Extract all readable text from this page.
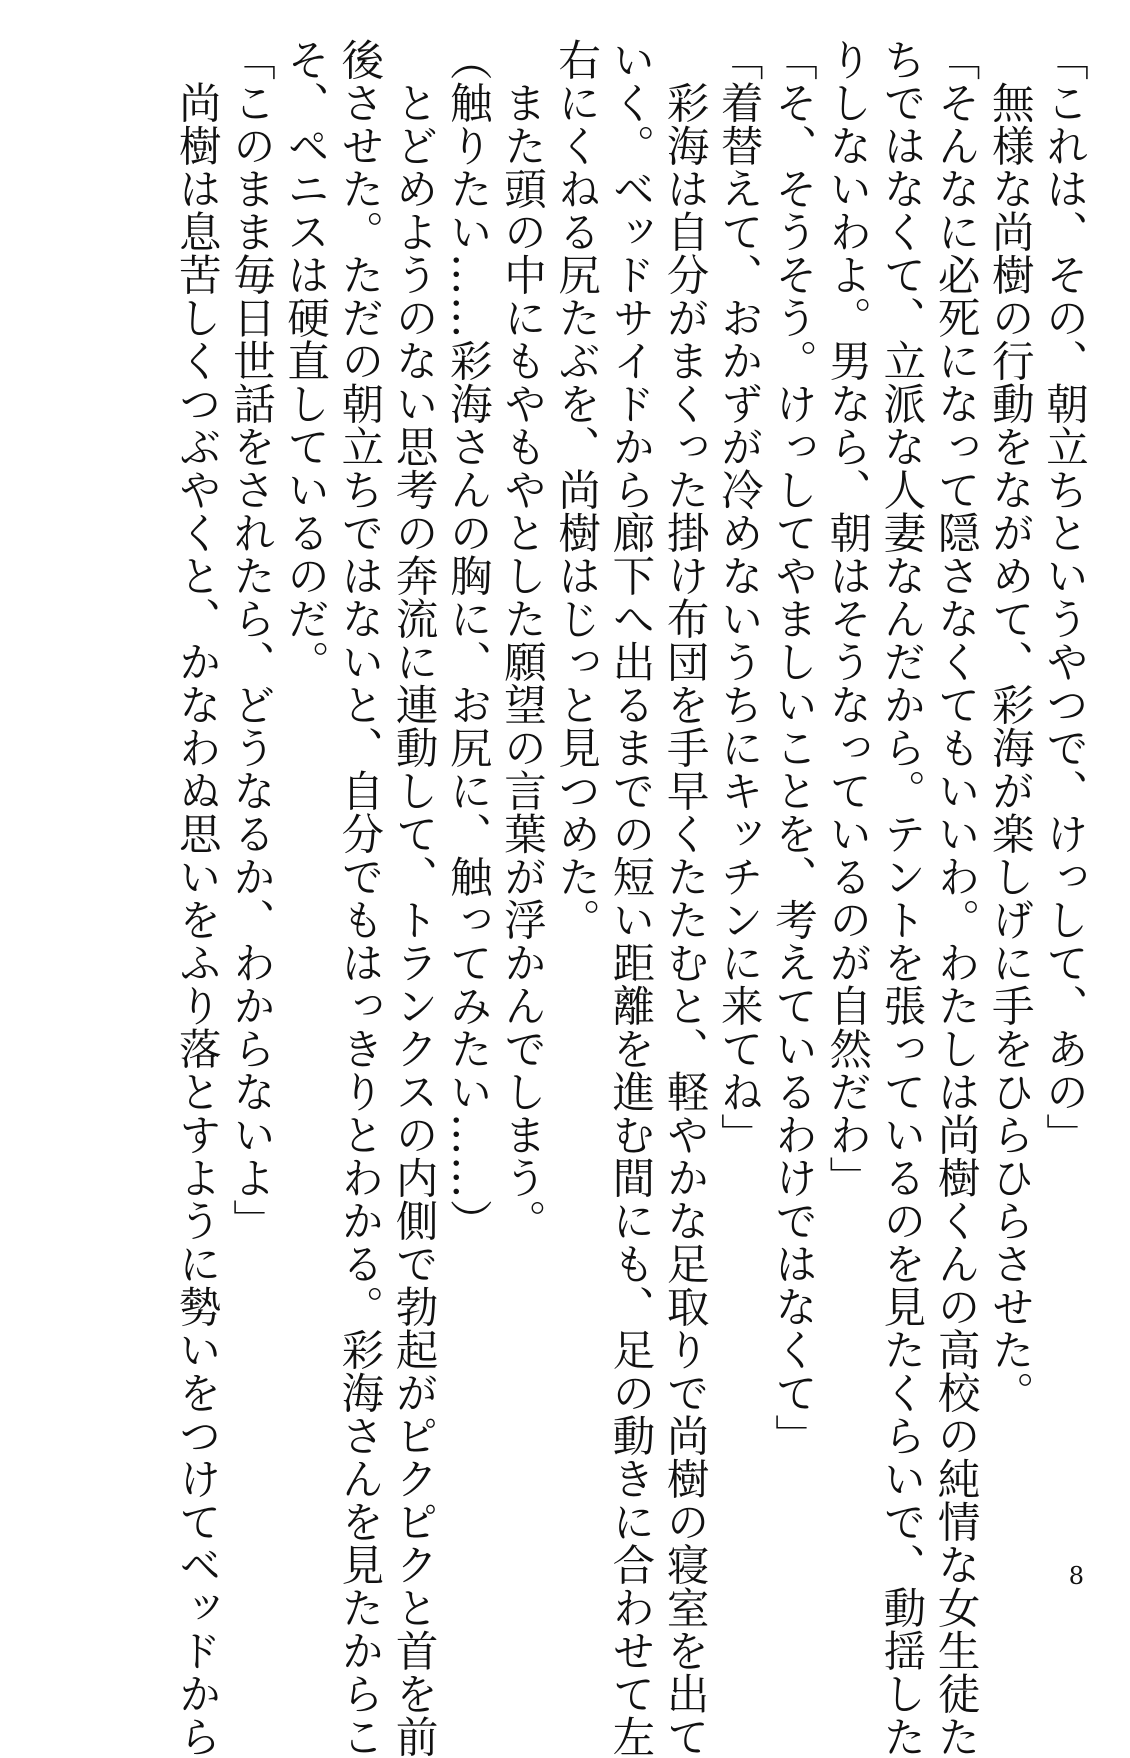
「これは、その、朝立ちというやつで、けっして、あの」

　無様な尚樹の行動をながめて、彩海が楽しげに手をひらひらさせた。

「そんなに必死になって隠さなくてもいいわ。わたしは尚樹くんの高校の純情な女生徒た

ちではなくて、立派な人妻なんだから。テントを張っているのを見たくらいで、動揺した

りしないわよ。男なら、朝はそうなっているのが自然だわ」

「そ、そうそう。けっしてやましいことを、考えているわけではなくて」

「着替えて、おかずが冷めないうちにキッチンに来てね」

　彩海は自分がまくった掛け布団を手早くたたむと、軽やかな足取りで尚樹の寝室を出て

いく。ベッドサイドから廊下へ出るまでの短い距離を進む間にも、足の動きに合わせて左

右にくねる尻たぶを、尚樹はじっと見つめた。

　また頭の中にもやもやとした願望の言葉が浮かんでしまう。

（触りたい……彩海さんの胸に、お尻に、触ってみたい……）

　とどめようのない思考の奔流に連動して、トランクスの内側で勃起がピクピクと首を前

後させた。ただの朝立ちではないと、自分でもはっきりとわかる。彩海さんを見たからこ

そ、ペニスは硬直しているのだ。

「このまま毎日世話をされたら、どうなるか、わからないよ」

　尚樹は息苦しくつぶやくと、かなわぬ思いをふり落とすように勢いをつけてベッドから	8
